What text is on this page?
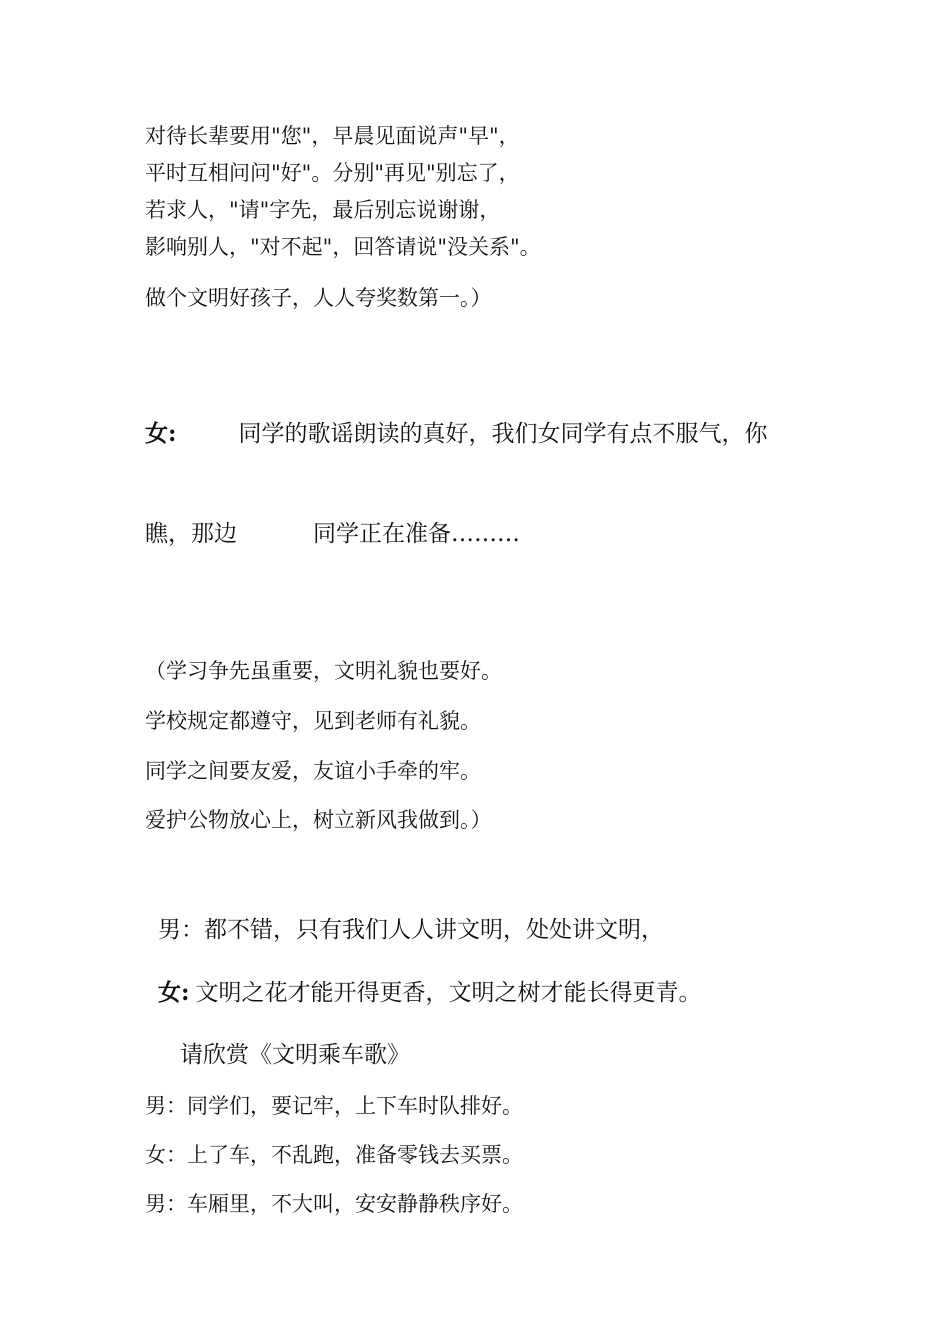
对待长辈要用"您"，早晨见面说声"早"，
平时互相问问"好"。分别"再见"别忘了，
若求人，"请"字先，最后别忘说谢谢，
影响别人，"对不起"，回答请说"没关系"。
做个文明好孩子，人人夸奖数第一。）
女:	同学的歌谣朗读的真好，我们女同学有点不服气，你
瞧，那边	同学正在准备………
（学习争先虽重要，文明礼貌也要好。
学校规定都遵守，见到老师有礼貌。
同学之间要友爱，友谊小手牵的牢。
爱护公物放心上，树立新风我做到。）
男：都不错，只有我们人人讲文明，处处讲文明，
女: 文明之花才能开得更香，文明之树才能长得更青。
请欣赏《文明乘车歌》
男：同学们，要记牢，上下车时队排好。
女：上了车，不乱跑，准备零钱去买票。
男：车厢里，不大叫，安安静静秩序好。
